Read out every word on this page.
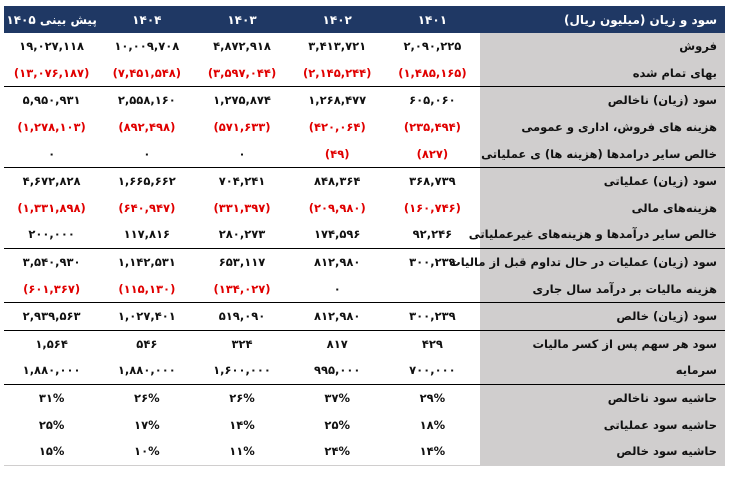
سود و زیان (میلیون ریال)	۱۴۰۱	۱۴۰۲	۱۴۰۳	۱۴۰۴	پیش بینی ۱۴۰۵
فروش	۲,۰۹۰,۲۲۵	۳,۴۱۳,۷۲۱	۴,۸۷۲,۹۱۸	۱۰,۰۰۹,۷۰۸	۱۹,۰۲۷,۱۱۸
بهای تمام شده	(۱,۴۸۵,۱۶۵)	(۲,۱۴۵,۲۴۴)	(۳,۵۹۷,۰۴۴)	(۷,۴۵۱,۵۴۸)	(۱۳,۰۷۶,۱۸۷)
سود (زیان) ناخالص	۶۰۵,۰۶۰	۱,۲۶۸,۴۷۷	۱,۲۷۵,۸۷۴	۲,۵۵۸,۱۶۰	۵,۹۵۰,۹۳۱
هزینه های فروش، اداری و عمومی	(۲۳۵,۴۹۴)	(۴۲۰,۰۶۴)	(۵۷۱,۶۳۳)	(۸۹۲,۴۹۸)	(۱,۲۷۸,۱۰۳)
خالص سایر درامدها (هزینه ها) ی عملیاتی	(۸۲۷)	(۴۹)	۰	۰	۰
سود (زیان) عملیاتی	۳۶۸,۷۳۹	۸۴۸,۳۶۴	۷۰۴,۲۴۱	۱,۶۶۵,۶۶۲	۴,۶۷۲,۸۲۸
هزینه‌های مالی	(۱۶۰,۷۴۶)	(۲۰۹,۹۸۰)	(۳۳۱,۳۹۷)	(۶۴۰,۹۴۷)	(۱,۳۳۱,۸۹۸)
خالص سایر درآمدها و هزینه‌های غیرعملیاتی	۹۲,۲۴۶	۱۷۴,۵۹۶	۲۸۰,۲۷۳	۱۱۷,۸۱۶	۲۰۰,۰۰۰
سود (زیان) عملیات در حال تداوم قبل از مالیات	۳۰۰,۲۳۹	۸۱۲,۹۸۰	۶۵۳,۱۱۷	۱,۱۴۲,۵۳۱	۳,۵۴۰,۹۳۰
هزینه مالیات بر درآمد سال جاری		۰	(۱۳۴,۰۲۷)	(۱۱۵,۱۳۰)	(۶۰۱,۳۶۷)
سود (زیان) خالص	۳۰۰,۲۳۹	۸۱۲,۹۸۰	۵۱۹,۰۹۰	۱,۰۲۷,۴۰۱	۲,۹۳۹,۵۶۳
سود هر سهم پس از کسر مالیات	۴۲۹	۸۱۷	۳۲۴	۵۴۶	۱,۵۶۴
سرمایه	۷۰۰,۰۰۰	۹۹۵,۰۰۰	۱,۶۰۰,۰۰۰	۱,۸۸۰,۰۰۰	۱,۸۸۰,۰۰۰
حاشیه سود ناخالص	۲۹%	۳۷%	۲۶%	۲۶%	۳۱%
حاشیه سود عملیاتی	۱۸%	۲۵%	۱۴%	۱۷%	۲۵%
حاشیه سود خالص	۱۴%	۲۴%	۱۱%	۱۰%	۱۵%
